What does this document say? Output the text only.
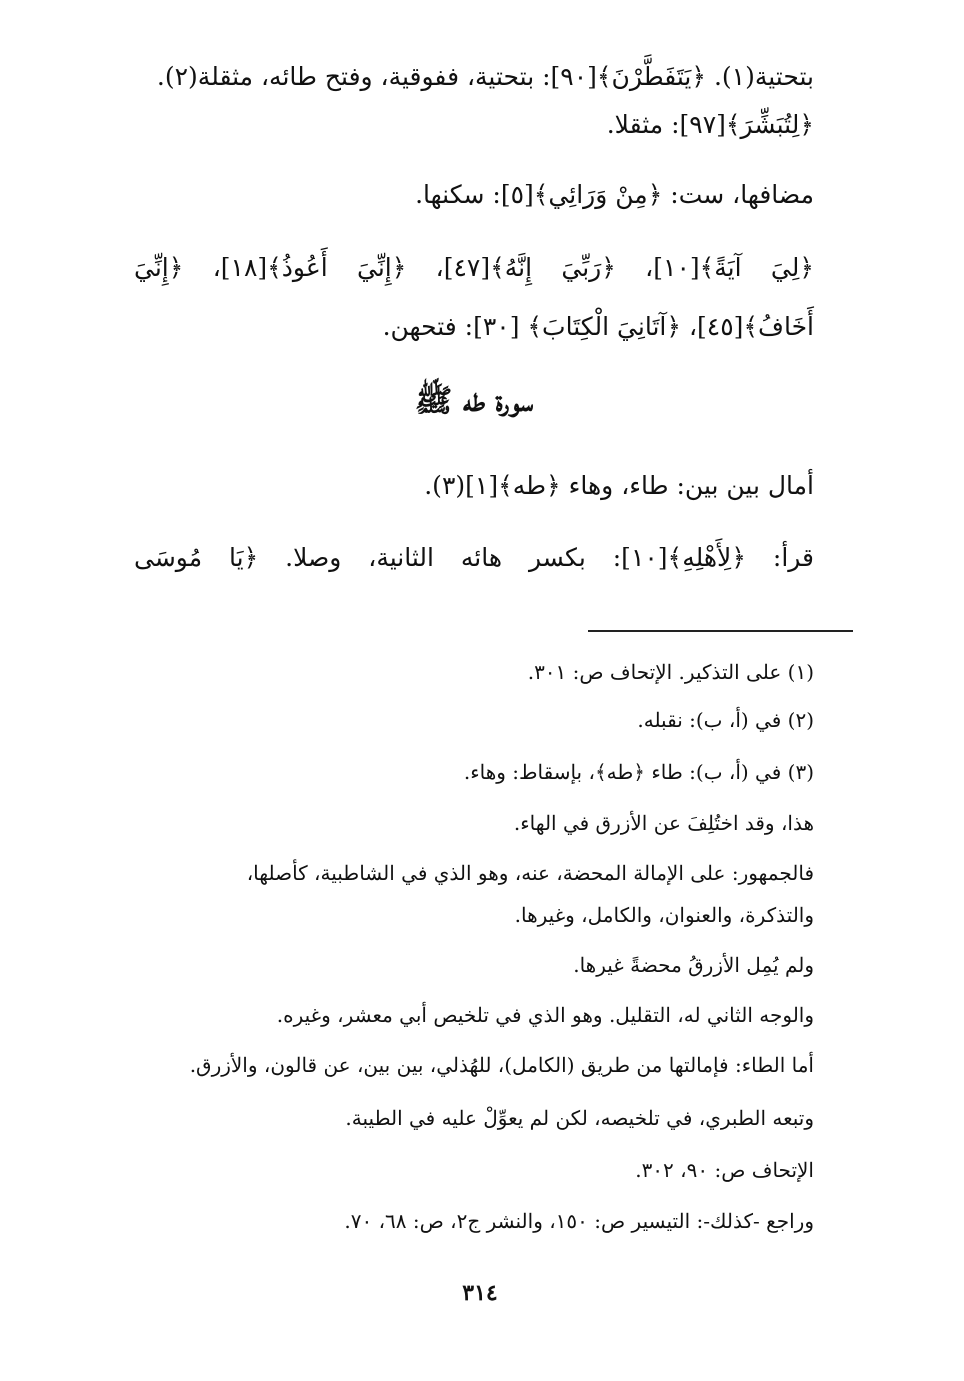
بتحتية(١). ﴿يَتَفَطَّرْنَ﴾[٩٠]: بتحتية، ففوقية، وفتح طائه، مثقلة(٢).
﴿لِتُبَشِّرَ﴾[٩٧]: مثقلا.
مضافها، ست: ﴿مِنْ وَرَائِي﴾[٥]: سكنها.
﴿لِيَ آيَةً﴾[١٠]، ﴿رَبِّيَ إِنَّهُ﴾[٤٧]، ﴿إِنِّيَ أَعُوذُ﴾[١٨]، ﴿إِنِّيَ
أَخَافُ﴾[٤٥]، ﴿آتَانِيَ الْكِتَابَ﴾ [٣٠]: فتحهن.
سورة طه ﷺ
أمال بين بين: طاء، وهاء ﴿طه﴾[١](٣).
قرأ: ﴿لِأَهْلِهِ﴾[١٠]: بكسر هائه الثانية، وصلا. ﴿يَا مُوسَى
(١) على التذكير. الإتحاف ص: ٣٠١.
(٢) في (أ، ب): نقبله.
(٣) في (أ، ب): طاء ﴿طه﴾، بإسقاط: وهاء.
هذا، وقد اختُلِفَ عن الأزرق في الهاء.
فالجمهور: على الإمالة المحضة، عنه، وهو الذي في الشاطبية، كأصلها،
والتذكرة، والعنوان، والكامل، وغيرها.
ولم يُمِل الأزرقُ محضةً غيرها.
والوجه الثاني له، التقليل. وهو الذي في تلخيص أبي معشر، وغيره.
أما الطاء: فإمالتها من طريق (الكامل)، للهُذلي، بين بين، عن قالون، والأزرق.
وتبعه الطبري، في تلخيصه، لكن لم يعوِّلْ عليه في الطيبة.
الإتحاف ص: ٩٠، ٣٠٢.
وراجع -كذلك-: التيسير ص: ١٥٠، والنشر ج٢، ص: ٦٨، ٧٠.
٣١٤
